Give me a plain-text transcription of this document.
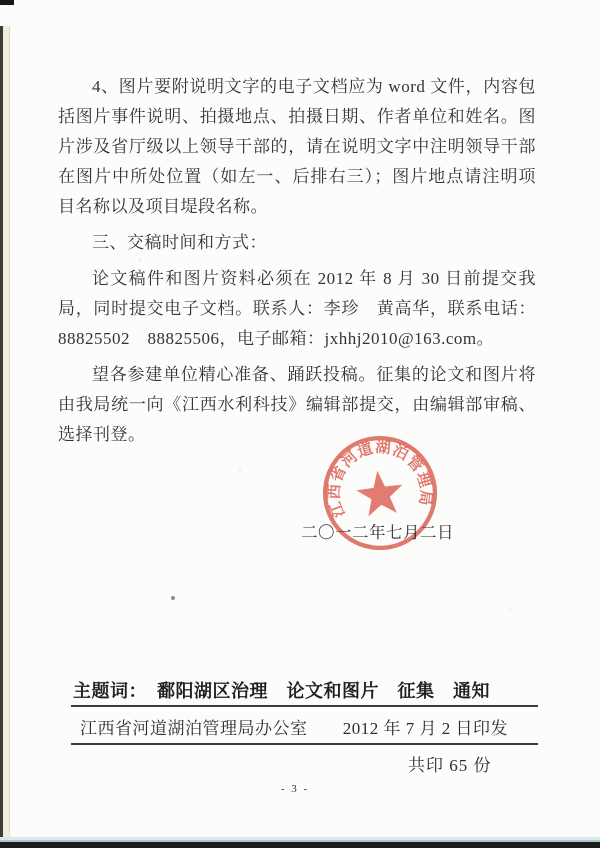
4、图片要附说明文字的电子文档应为 word 文件，内容包括图片事件说明、拍摄地点、拍摄日期、作者单位和姓名。图片涉及省厅级以上领导干部的，请在说明文字中注明领导干部在图片中所处位置（如左一、后排右三）；图片地点请注明项目名称以及项目堤段名称。

三、交稿时间和方式：

论文稿件和图片资料必须在 2012 年 8 月 30 日前提交我局，同时提交电子文档。联系人：李珍　黄高华，联系电话：88825502　88825506，电子邮箱：jxhhj2010@163.com。

望各参建单位精心准备、踊跃投稿。征集的论文和图片将由我局统一向《江西水利科技》编辑部提交，由编辑部审稿、选择刊登。

二〇一二年七月二日
江西省河道湖泊管理局
主题词： 鄱阳湖区治理　论文和图片　征集　通知
江西省河道湖泊管理局办公室 2012 年 7 月 2 日印发
共印 65 份
- 3 -
